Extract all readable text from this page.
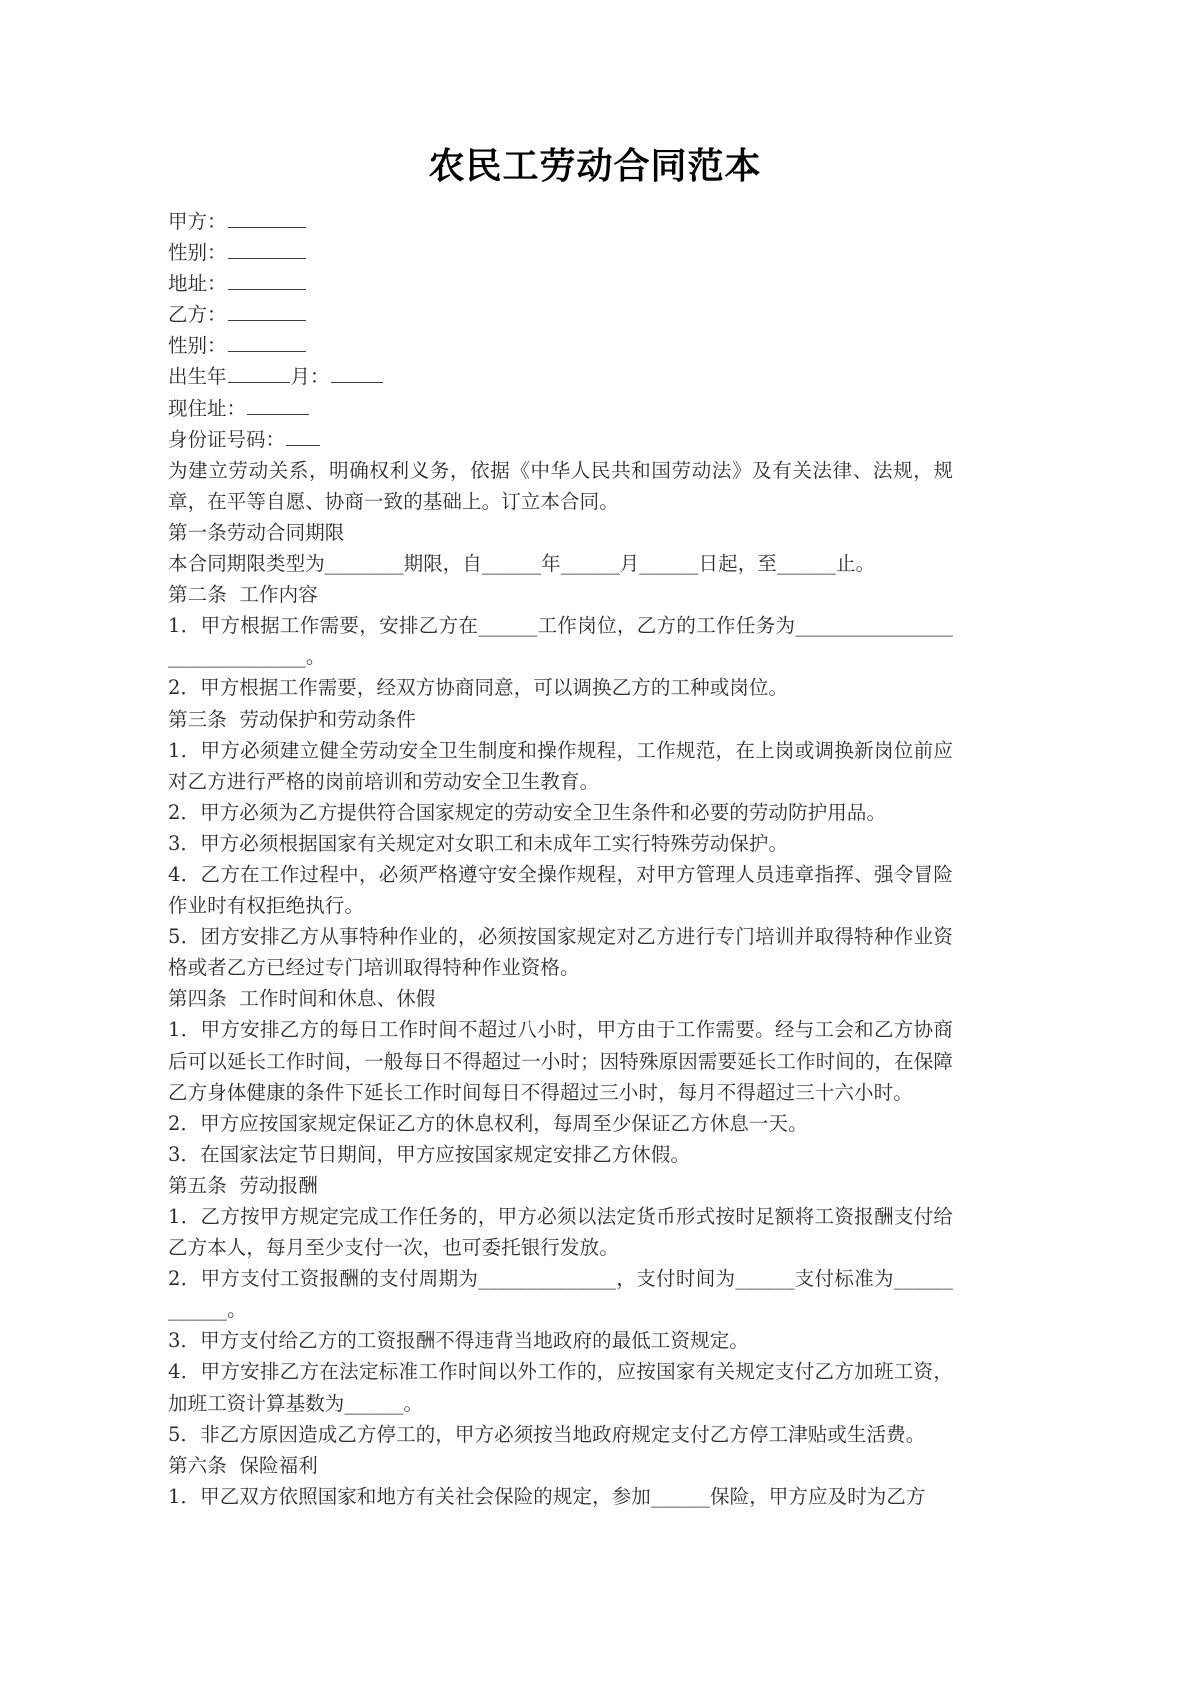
农民工劳动合同范本
甲方：
性别：
地址：
乙方：
性别：
出生年	月：
现住址：
身份证号码：

为建立劳动关系，明确权利义务，依据《中华人民共和国劳动法》及有关法律、法规，规章，在平等自愿、协商一致的基础上。订立本合同。

第一条劳动合同期限

本合同期限类型为________期限，自______年______月______日起，至______止。

第二条  工作内容

1．甲方根据工作需要，安排乙方在______工作岗位，乙方的工作任务为______________________________。

2．甲方根据工作需要，经双方协商同意，可以调换乙方的工种或岗位。

第三条  劳动保护和劳动条件

1．甲方必须建立健全劳动安全卫生制度和操作规程，工作规范，在上岗或调换新岗位前应对乙方进行严格的岗前培训和劳动安全卫生教育。

2．甲方必须为乙方提供符合国家规定的劳动安全卫生条件和必要的劳动防护用品。

3．甲方必须根据国家有关规定对女职工和未成年工实行特殊劳动保护。

4．乙方在工作过程中，必须严格遵守安全操作规程，对甲方管理人员违章指挥、强令冒险作业时有权拒绝执行。

5．团方安排乙方从事特种作业的，必须按国家规定对乙方进行专门培训并取得特种作业资格或者乙方已经过专门培训取得特种作业资格。

第四条  工作时间和休息、休假

1．甲方安排乙方的每日工作时间不超过八小时，甲方由于工作需要。经与工会和乙方协商后可以延长工作时间，一般每日不得超过一小时；因特殊原因需要延长工作时间的，在保障乙方身体健康的条件下延长工作时间每日不得超过三小时，每月不得超过三十六小时。

2．甲方应按国家规定保证乙方的休息权利，每周至少保证乙方休息一天。

3．在国家法定节日期间，甲方应按国家规定安排乙方休假。

第五条  劳动报酬

1．乙方按甲方规定完成工作任务的，甲方必须以法定货币形式按时足额将工资报酬支付给乙方本人，每月至少支付一次，也可委托银行发放。

2．甲方支付工资报酬的支付周期为______________，支付时间为______支付标准为____________。

3．甲方支付给乙方的工资报酬不得违背当地政府的最低工资规定。

4．甲方安排乙方在法定标准工作时间以外工作的，应按国家有关规定支付乙方加班工资，加班工资计算基数为______。

5．非乙方原因造成乙方停工的，甲方必须按当地政府规定支付乙方停工津贴或生活费。

第六条  保险福利

1．甲乙双方依照国家和地方有关社会保险的规定，参加______保险，甲方应及时为乙方
